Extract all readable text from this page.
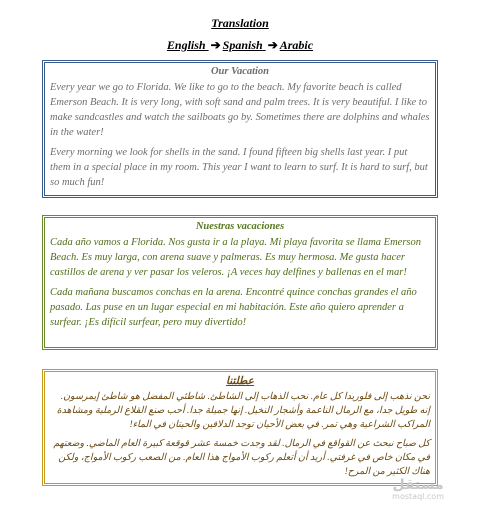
Translation
English ➔ Spanish ➔ Arabic
Our Vacation

Every year we go to Florida. We like to go to the beach. My favorite beach is called Emerson Beach. It is very long, with soft sand and palm trees. It is very beautiful. I like to make sandcastles and watch the sailboats go by. Sometimes there are dolphins and whales in the water!

Every morning we look for shells in the sand. I found fifteen big shells last year. I put them in a special place in my room. This year I want to learn to surf. It is hard to surf, but so much fun!

Nuestras vacaciones

Cada año vamos a Florida. Nos gusta ir a la playa. Mi playa favorita se llama Emerson Beach. Es muy larga, con arena suave y palmeras. Es muy hermosa. Me gusta hacer castillos de arena y ver pasar los veleros. ¡A veces hay delfines y ballenas en el mar!

Cada mañana buscamos conchas en la arena. Encontré quince conchas grandes el año pasado. Las puse en un lugar especial en mi habitación. Este año quiero aprender a surfear. ¡Es difícil surfear, pero muy divertido!

عطلتنا

نحن نذهب إلى فلوريدا كل عام. نحب الذهاب إلى الشاطئ. شاطئي المفضل هو شاطئ إيمرسون. إنه طويل جدا، مع الرمال الناعمة وأشجار النخيل. إنها جميلة جدا. أحب صنع القلاع الرملية ومشاهدة المراكب الشراعية وهي تمر. في بعض الأحيان توجد الدلافين والحيتان في الماء!

كل صباح نبحث عن القواقع في الرمال. لقد وجدت خمسة عشر قوقعة كبيرة العام الماضي. وضعتهم في مكان خاص في غرفتي. أريد أن أتعلم ركوب الأمواج هذا العام. من الصعب ركوب الأمواج، ولكن هناك الكثير من المرح!

مستقل
mostaql.com
